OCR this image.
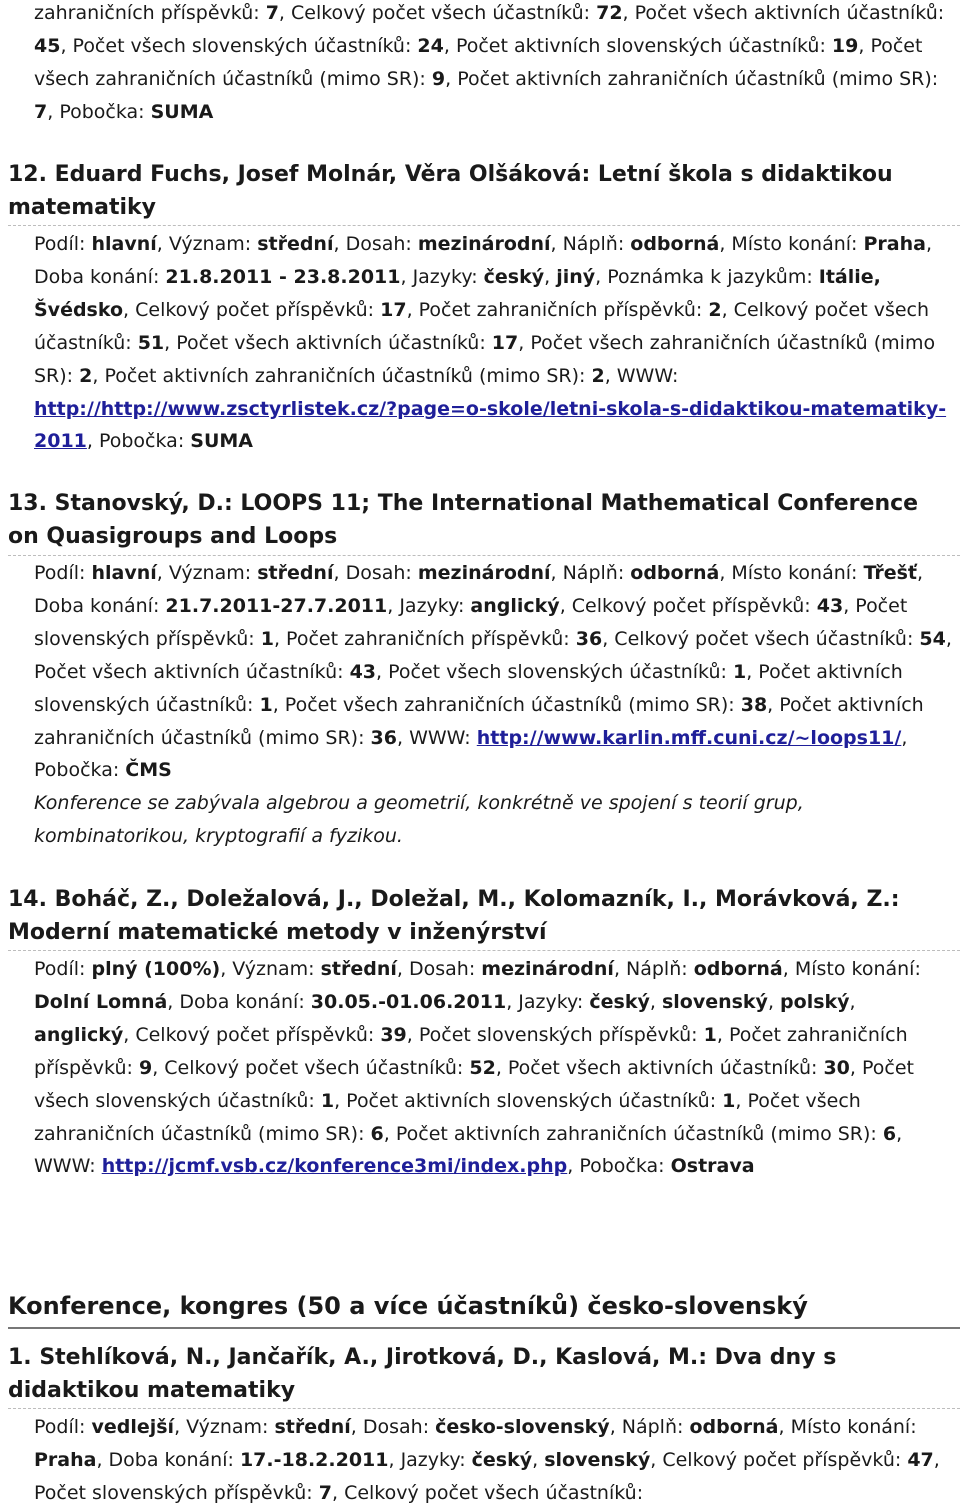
zahraničních příspěvků: 7, Celkový počet všech účastníků: 72, Počet všech aktivních účastníků: 45, Počet všech slovenských účastníků: 24, Počet aktivních slovenských účastníků: 19, Počet všech zahraničních účastníků (mimo SR): 9, Počet aktivních zahraničních účastníků (mimo SR): 7, Pobočka: SUMA
12. Eduard Fuchs, Josef Molnár, Věra Olšáková: Letní škola s didaktikou matematiky
Podíl: hlavní, Význam: střední, Dosah: mezinárodní, Náplň: odborná, Místo konání: Praha, Doba konání: 21.8.2011 - 23.8.2011, Jazyky: český, jiný, Poznámka k jazykům: Itálie, Švédsko, Celkový počet příspěvků: 17, Počet zahraničních příspěvků: 2, Celkový počet všech účastníků: 51, Počet všech aktivních účastníků: 17, Počet všech zahraničních účastníků (mimo SR): 2, Počet aktivních zahraničních účastníků (mimo SR): 2, WWW: http://http://www.zsctyrlistek.cz/?page=o-skole/letni-skola-s-didaktikou-matematiky-2011, Pobočka: SUMA
13. Stanovský, D.: LOOPS 11; The International Mathematical Conference on Quasigroups and Loops
Podíl: hlavní, Význam: střední, Dosah: mezinárodní, Náplň: odborná, Místo konání: Třešť, Doba konání: 21.7.2011-27.7.2011, Jazyky: anglický, Celkový počet příspěvků: 43, Počet slovenských příspěvků: 1, Počet zahraničních příspěvků: 36, Celkový počet všech účastníků: 54, Počet všech aktivních účastníků: 43, Počet všech slovenských účastníků: 1, Počet aktivních slovenských účastníků: 1, Počet všech zahraničních účastníků (mimo SR): 38, Počet aktivních zahraničních účastníků (mimo SR): 36, WWW: http://www.karlin.mff.cuni.cz/~loops11/, Pobočka: ČMS
Konference se zabývala algebrou a geometrií, konkrétně ve spojení s teorií grup, kombinatorikou, kryptografií a fyzikou.
14. Boháč, Z., Doležalová, J., Doležal, M., Kolomazník, I., Morávková, Z.: Moderní matematické metody v inženýrství
Podíl: plný (100%), Význam: střední, Dosah: mezinárodní, Náplň: odborná, Místo konání: Dolní Lomná, Doba konání: 30.05.-01.06.2011, Jazyky: český, slovenský, polský, anglický, Celkový počet příspěvků: 39, Počet slovenských příspěvků: 1, Počet zahraničních příspěvků: 9, Celkový počet všech účastníků: 52, Počet všech aktivních účastníků: 30, Počet všech slovenských účastníků: 1, Počet aktivních slovenských účastníků: 1, Počet všech zahraničních účastníků (mimo SR): 6, Počet aktivních zahraničních účastníků (mimo SR): 6, WWW: http://jcmf.vsb.cz/konference3mi/index.php, Pobočka: Ostrava
Konference, kongres (50 a více účastníků) česko-slovenský
1. Stehlíková, N., Jančařík, A., Jirotková, D., Kaslová, M.: Dva dny s didaktikou matematiky
Podíl: vedlejší, Význam: střední, Dosah: česko-slovenský, Náplň: odborná, Místo konání: Praha, Doba konání: 17.-18.2.2011, Jazyky: český, slovenský, Celkový počet příspěvků: 47, Počet slovenských příspěvků: 7, Celkový počet všech účastníků:
